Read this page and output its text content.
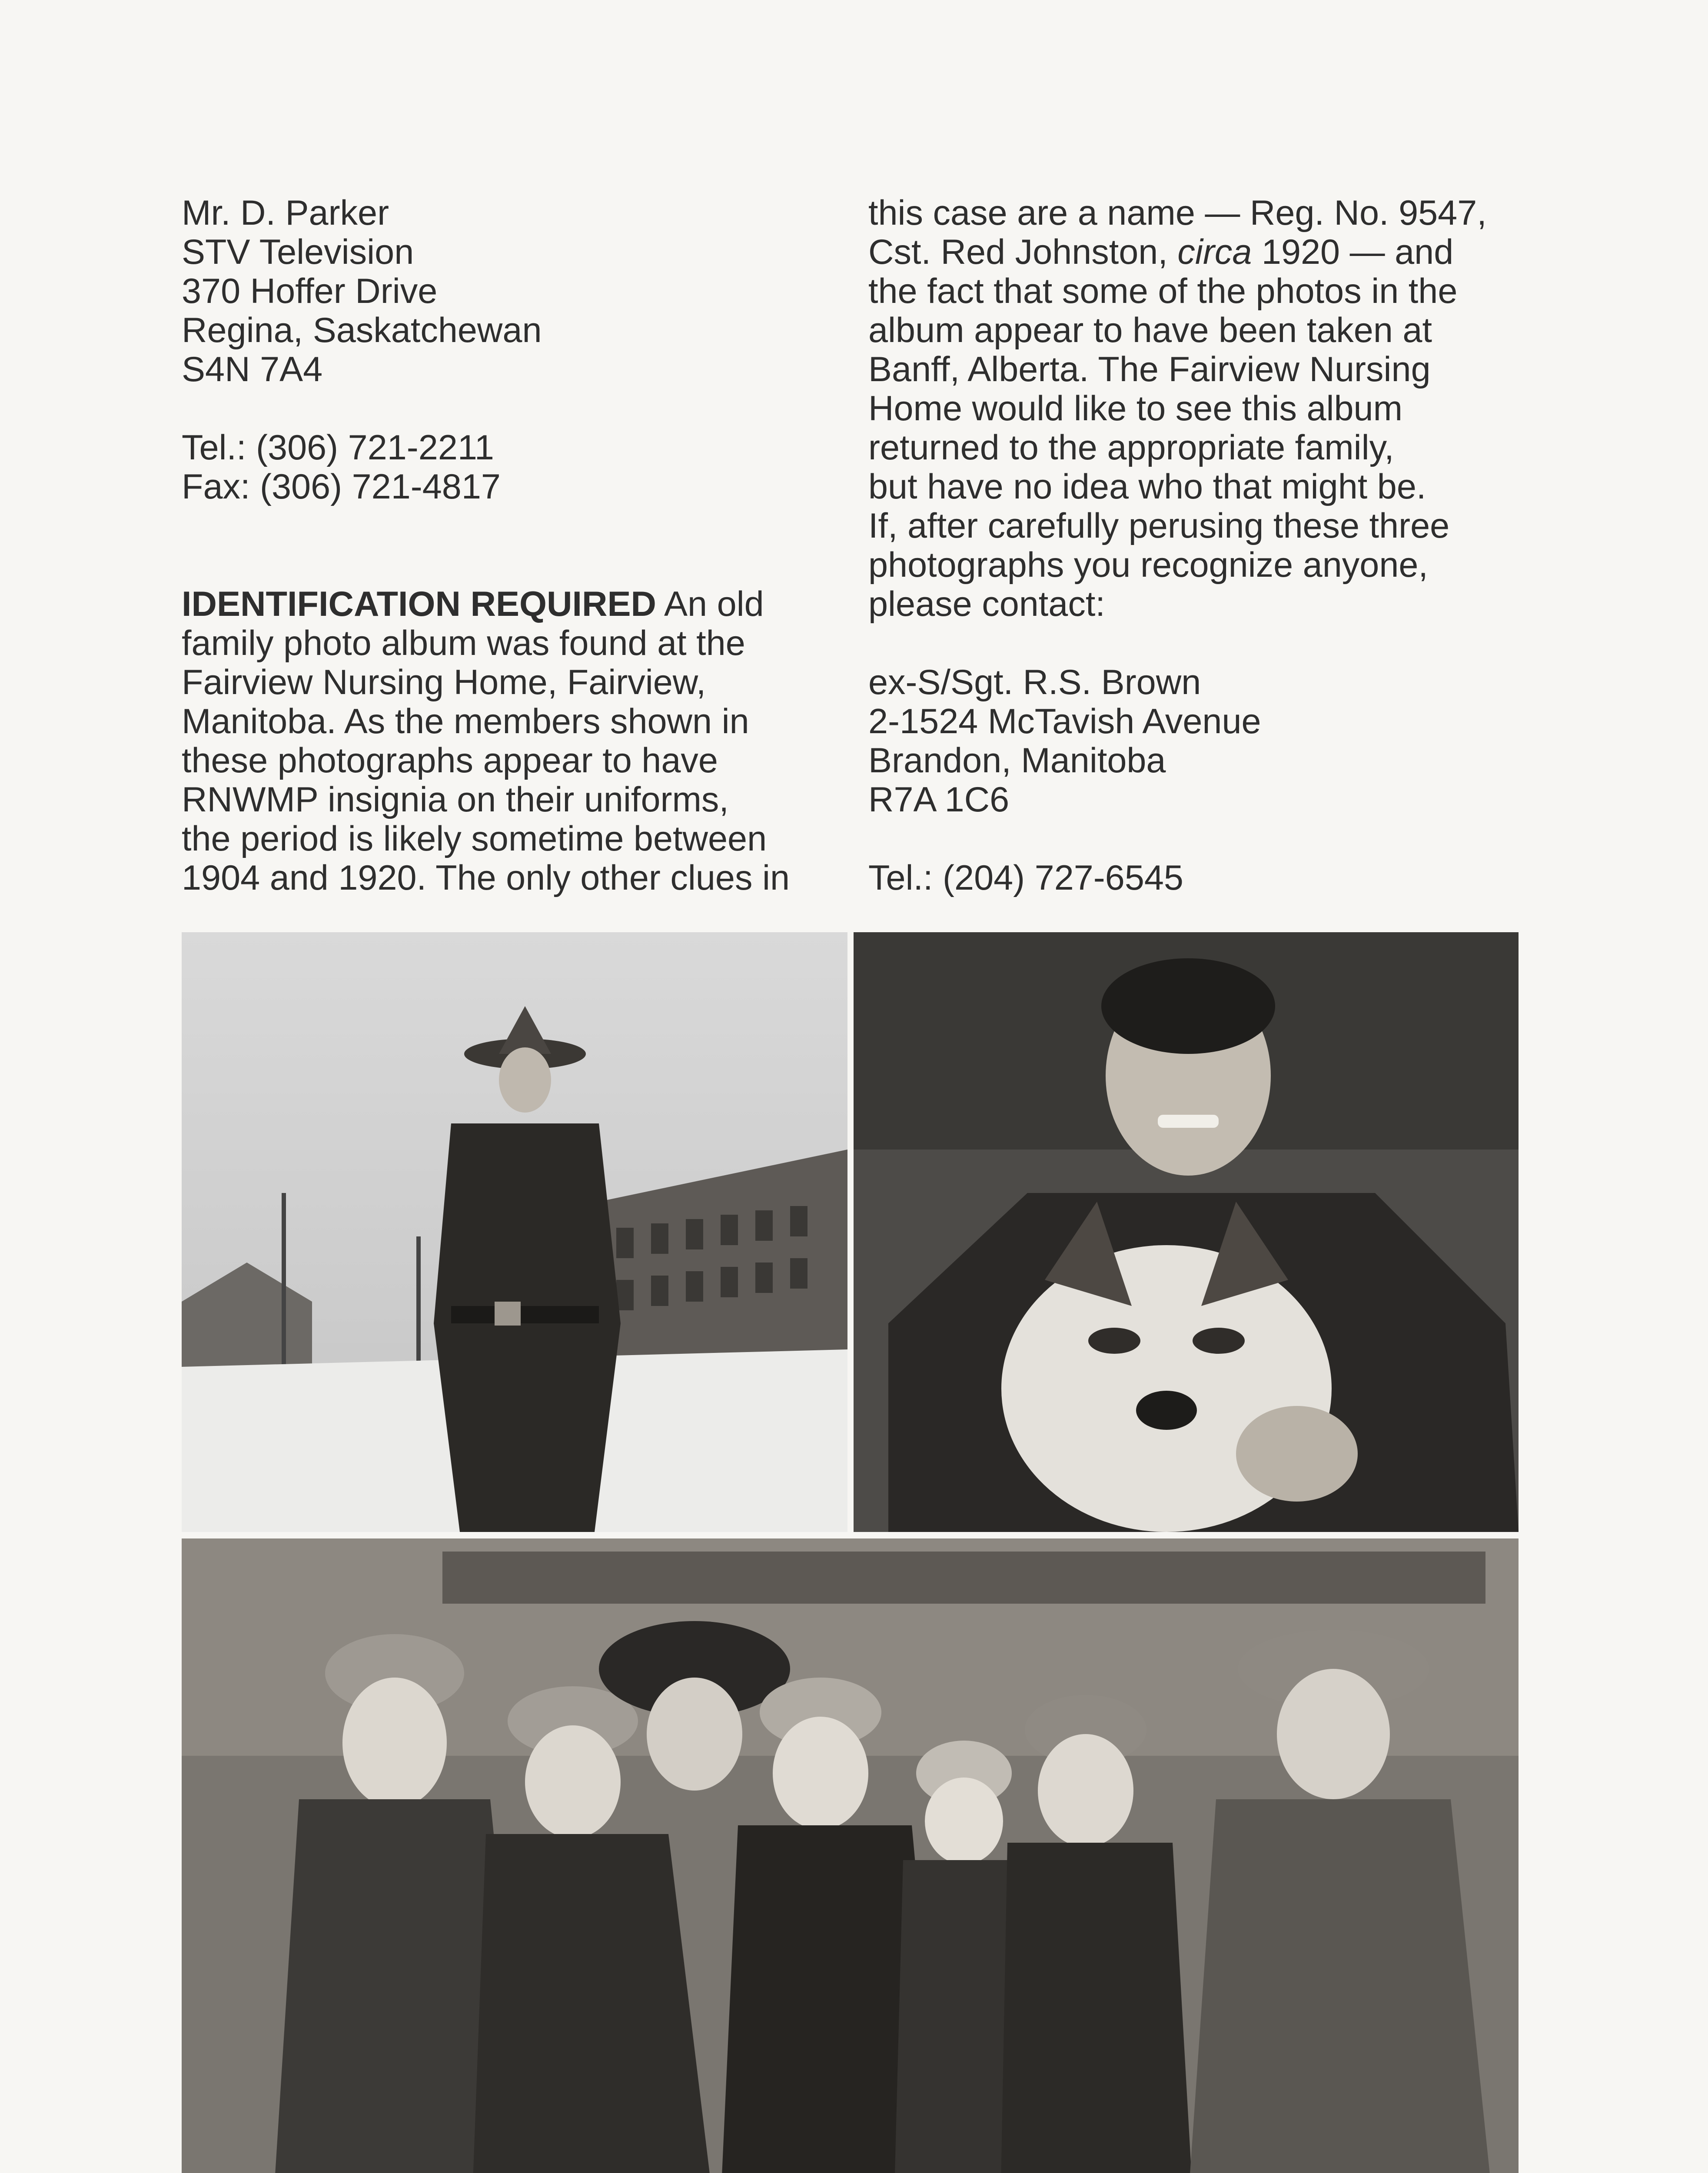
Mr. D. Parker
STV Television
370 Hoffer Drive
Regina, Saskatchewan
S4N 7A4
Tel.: (306) 721-2211
Fax: (306) 721-4817
IDENTIFICATION REQUIRED An old
family photo album was found at the
Fairview Nursing Home, Fairview,
Manitoba. As the members shown in
these photographs appear to have
RNWMP insignia on their uniforms,
the period is likely sometime between
1904 and 1920. The only other clues in
this case are a name — Reg. No. 9547,
Cst. Red Johnston, circa 1920 — and
the fact that some of the photos in the
album appear to have been taken at
Banff, Alberta. The Fairview Nursing
Home would like to see this album
returned to the appropriate family,
but have no idea who that might be.
If, after carefully perusing these three
photographs you recognize anyone,
please contact:
ex-S/Sgt. R.S. Brown
2-1524 McTavish Avenue
Brandon, Manitoba
R7A 1C6
Tel.: (204) 727-6545
